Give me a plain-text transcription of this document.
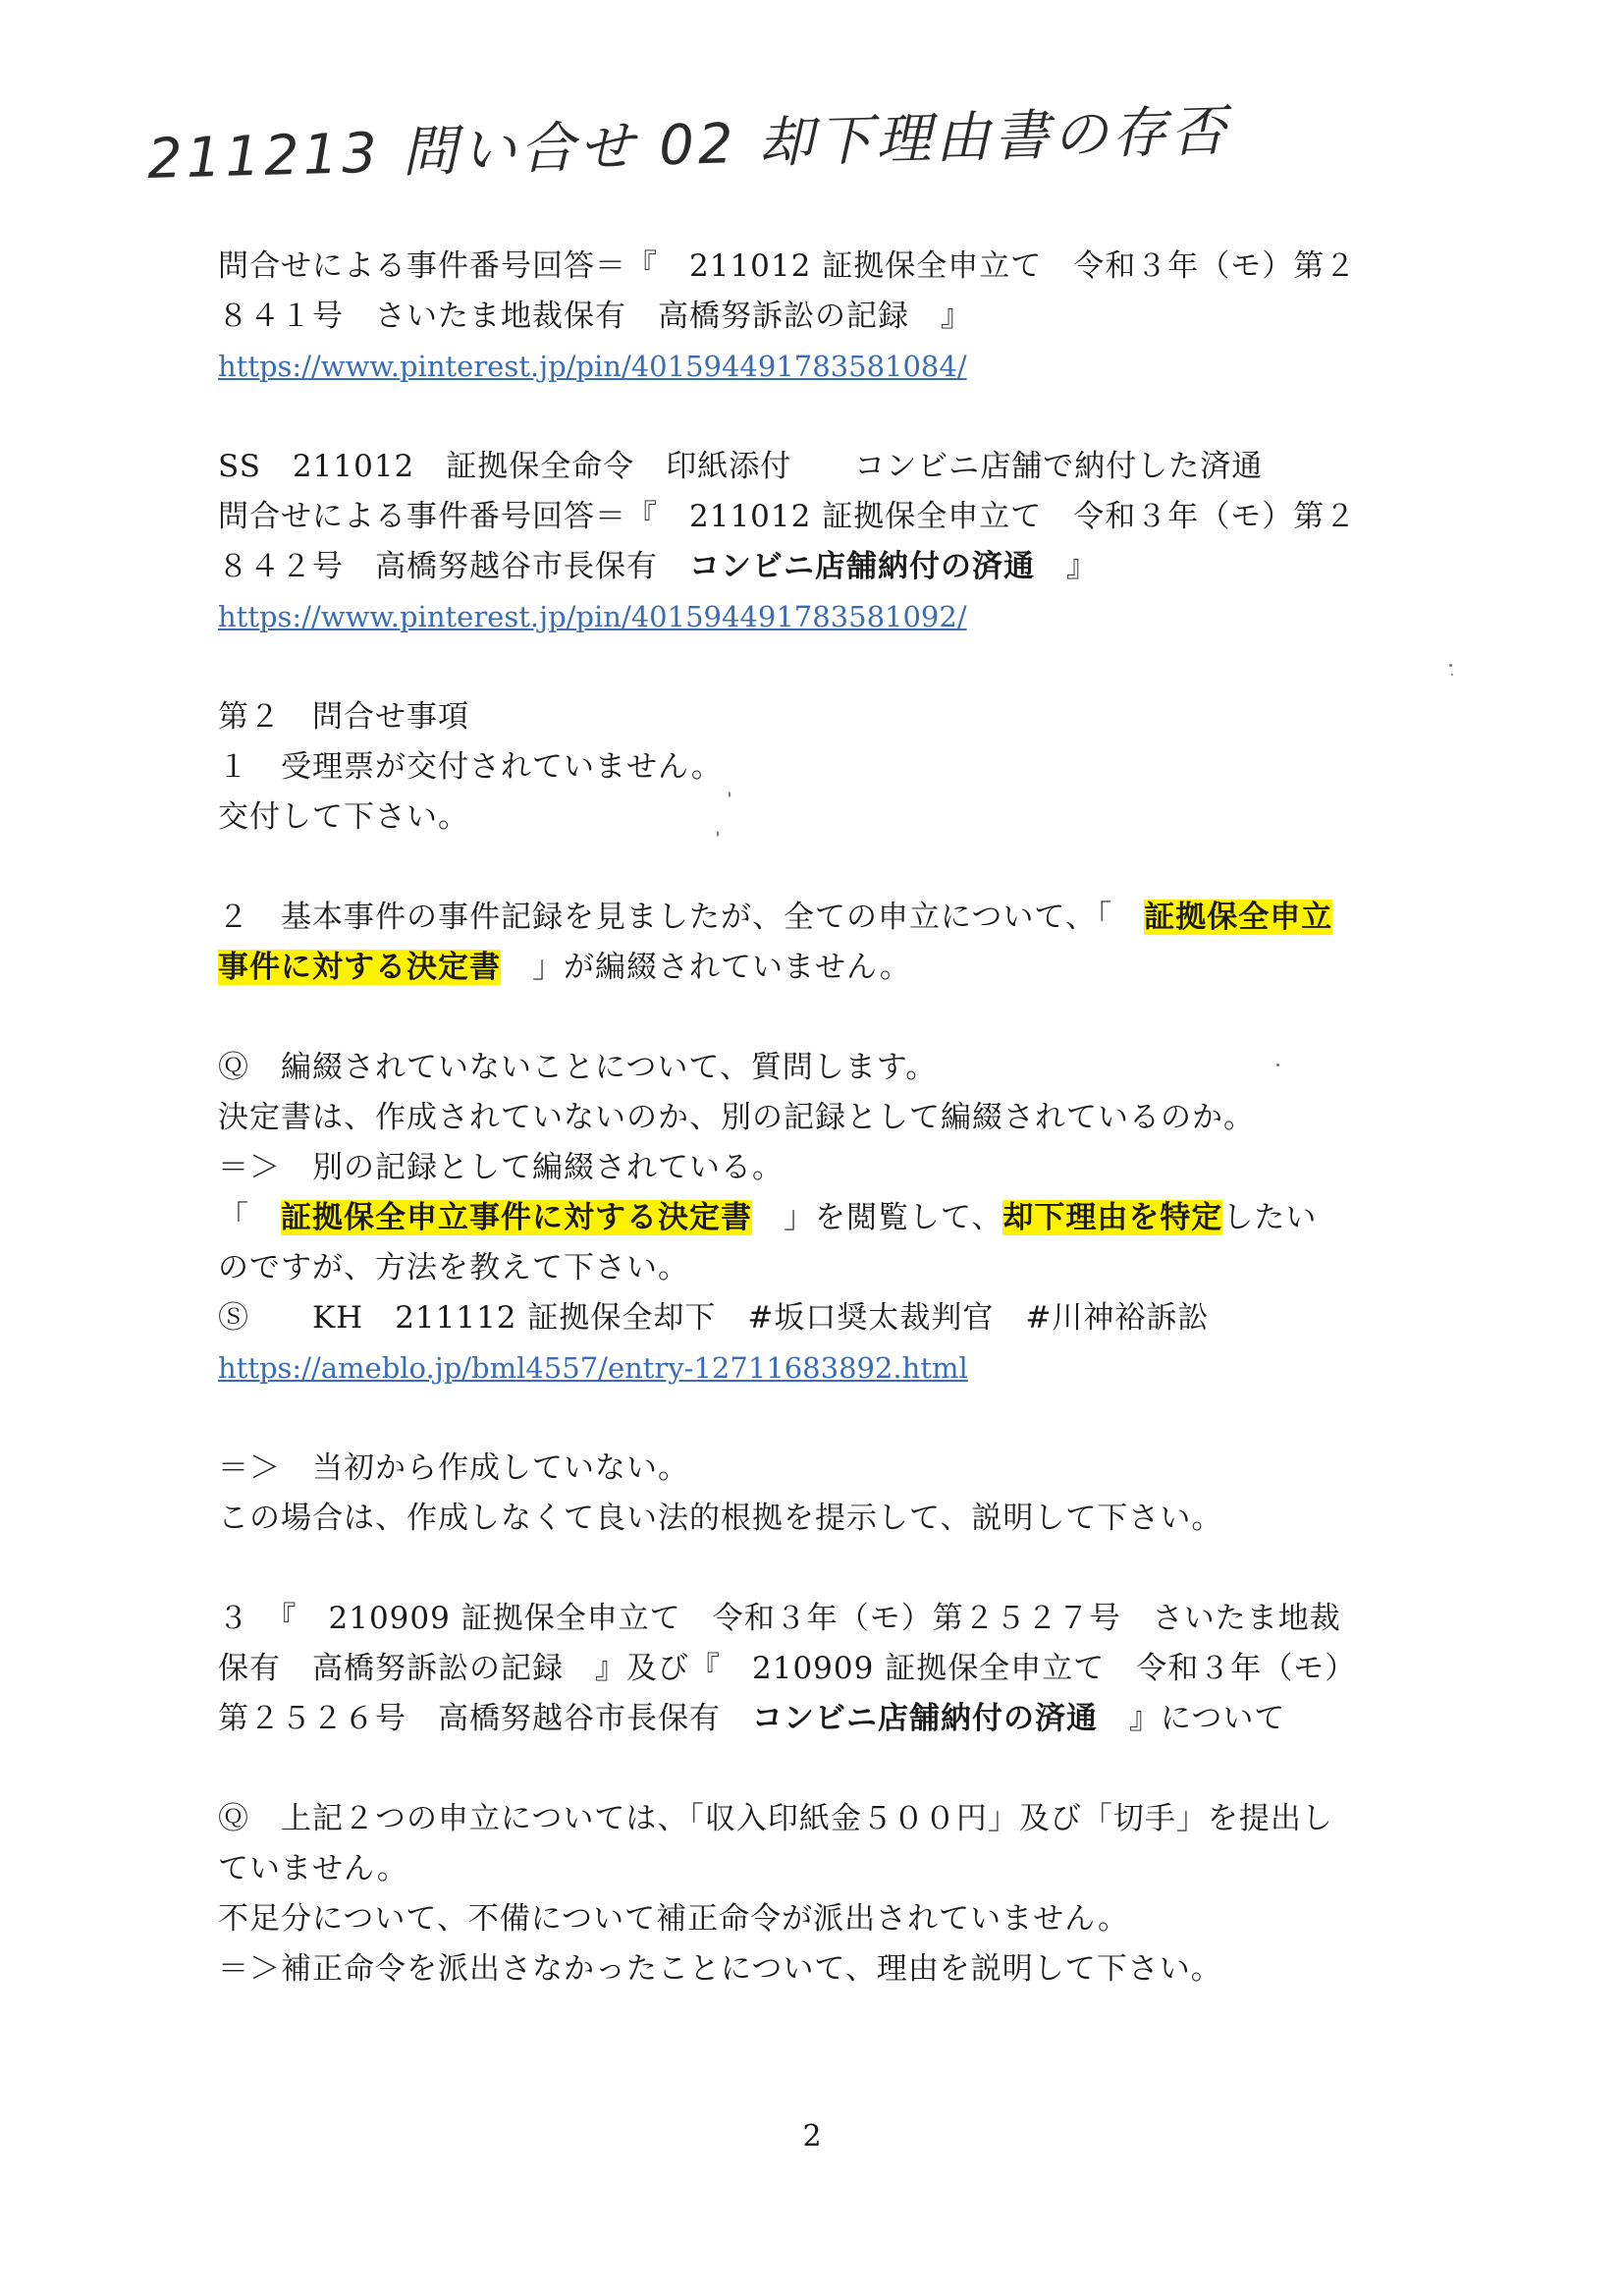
211213 問い合せ 02 却下理由書の存否
問合せによる事件番号回答＝『　211012 証拠保全申立て　令和３年（モ）第２
８４１号　さいたま地裁保有　高橋努訴訟の記録　』
https://www.pinterest.jp/pin/401594491783581084/
SS　211012　証拠保全命令　印紙添付　　コンビニ店舗で納付した済通
問合せによる事件番号回答＝『　211012 証拠保全申立て　令和３年（モ）第２
８４２号　高橋努越谷市長保有　コンビニ店舗納付の済通　』
https://www.pinterest.jp/pin/401594491783581092/
第２　問合せ事項
１　受理票が交付されていません。
交付して下さい。
２　基本事件の事件記録を見ましたが、全ての申立について、「　証拠保全申立
事件に対する決定書　」が編綴されていません。
Ⓠ　編綴されていないことについて、質問します。
決定書は、作成されていないのか、別の記録として編綴されているのか。
＝＞　別の記録として編綴されている。
「　証拠保全申立事件に対する決定書　」を閲覧して、却下理由を特定したい
のですが、方法を教えて下さい。
Ⓢ　　KH　211112 証拠保全却下　#坂口奨太裁判官　#川神裕訴訟
https://ameblo.jp/bml4557/entry-12711683892.html
＝＞　当初から作成していない。
この場合は、作成しなくて良い法的根拠を提示して、説明して下さい。
３　『　210909 証拠保全申立て　令和３年（モ）第２５２７号　さいたま地裁
保有　高橋努訴訟の記録　』及び『　210909 証拠保全申立て　令和３年（モ）
第２５２６号　高橋努越谷市長保有　コンビニ店舗納付の済通　』について
Ⓠ　上記２つの申立については、「収入印紙金５００円」及び「切手」を提出し
ていません。
不足分について、不備について補正命令が派出されていません。
＝＞補正命令を派出さなかったことについて、理由を説明して下さい。
2
